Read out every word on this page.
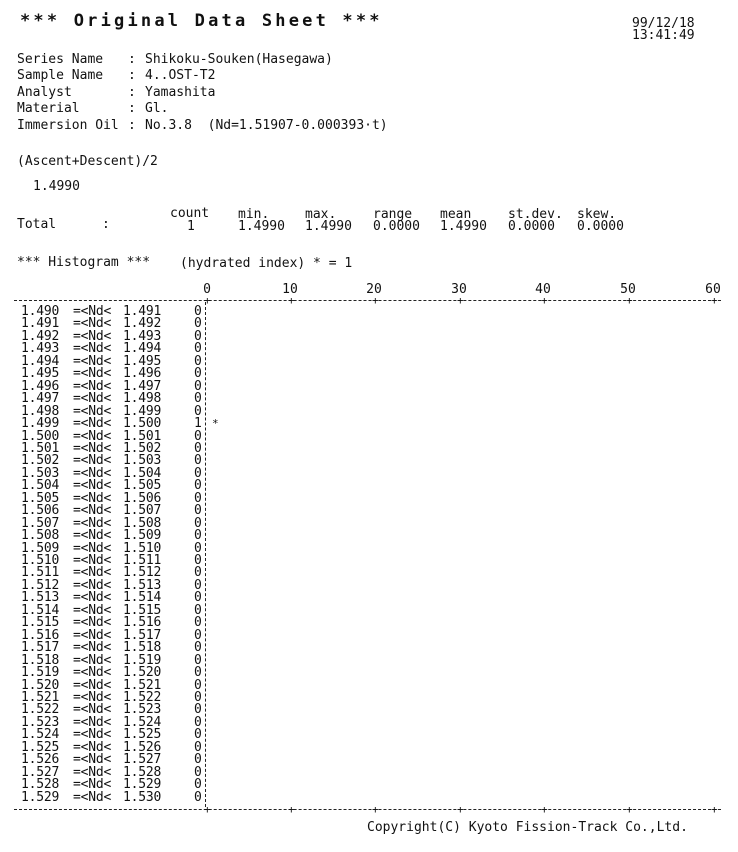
*** Original Data Sheet ***	99/12/18
13:41:49
Series Name : Shikoku-Souken(Hasegawa)
Sample Name : 4..OST-T2
Analyst	: Yamashita
Material	: Gl.
Immersion Oil : No.3.8  (Nd=1.51907-0.000393·t)
(Ascent+Descent)/2
1.4990
count min.	max.	range mean	st.dev. skew.
Total	:	1	1.4990 1.4990 0.0000 1.4990 0.0000 0.0000
*** Histogram *** (hydrated index) * = 1
0	10	20	30	40	50	60
+	+	+	+	+	+	+
+	+	+	+	+	+	+
1.490 =<Nd< 1.491	0
1.491 =<Nd< 1.492	0
1.492 =<Nd< 1.493	0
1.493 =<Nd< 1.494	0
1.494 =<Nd< 1.495	0
1.495 =<Nd< 1.496	0
1.496 =<Nd< 1.497	0
1.497 =<Nd< 1.498	0
1.498 =<Nd< 1.499	0
1.499 =<Nd< 1.500	1 *
1.500 =<Nd< 1.501	0
1.501 =<Nd< 1.502	0
1.502 =<Nd< 1.503	0
1.503 =<Nd< 1.504	0
1.504 =<Nd< 1.505	0
1.505 =<Nd< 1.506	0
1.506 =<Nd< 1.507	0
1.507 =<Nd< 1.508	0
1.508 =<Nd< 1.509	0
1.509 =<Nd< 1.510	0
1.510 =<Nd< 1.511	0
1.511 =<Nd< 1.512	0
1.512 =<Nd< 1.513	0
1.513 =<Nd< 1.514	0
1.514 =<Nd< 1.515	0
1.515 =<Nd< 1.516	0
1.516 =<Nd< 1.517	0
1.517 =<Nd< 1.518	0
1.518 =<Nd< 1.519	0
1.519 =<Nd< 1.520	0
1.520 =<Nd< 1.521	0
1.521 =<Nd< 1.522	0
1.522 =<Nd< 1.523	0
1.523 =<Nd< 1.524	0
1.524 =<Nd< 1.525	0
1.525 =<Nd< 1.526	0
1.526 =<Nd< 1.527	0
1.527 =<Nd< 1.528	0
1.528 =<Nd< 1.529	0
1.529 =<Nd< 1.530	0
Copyright(C) Kyoto Fission-Track Co.,Ltd.
